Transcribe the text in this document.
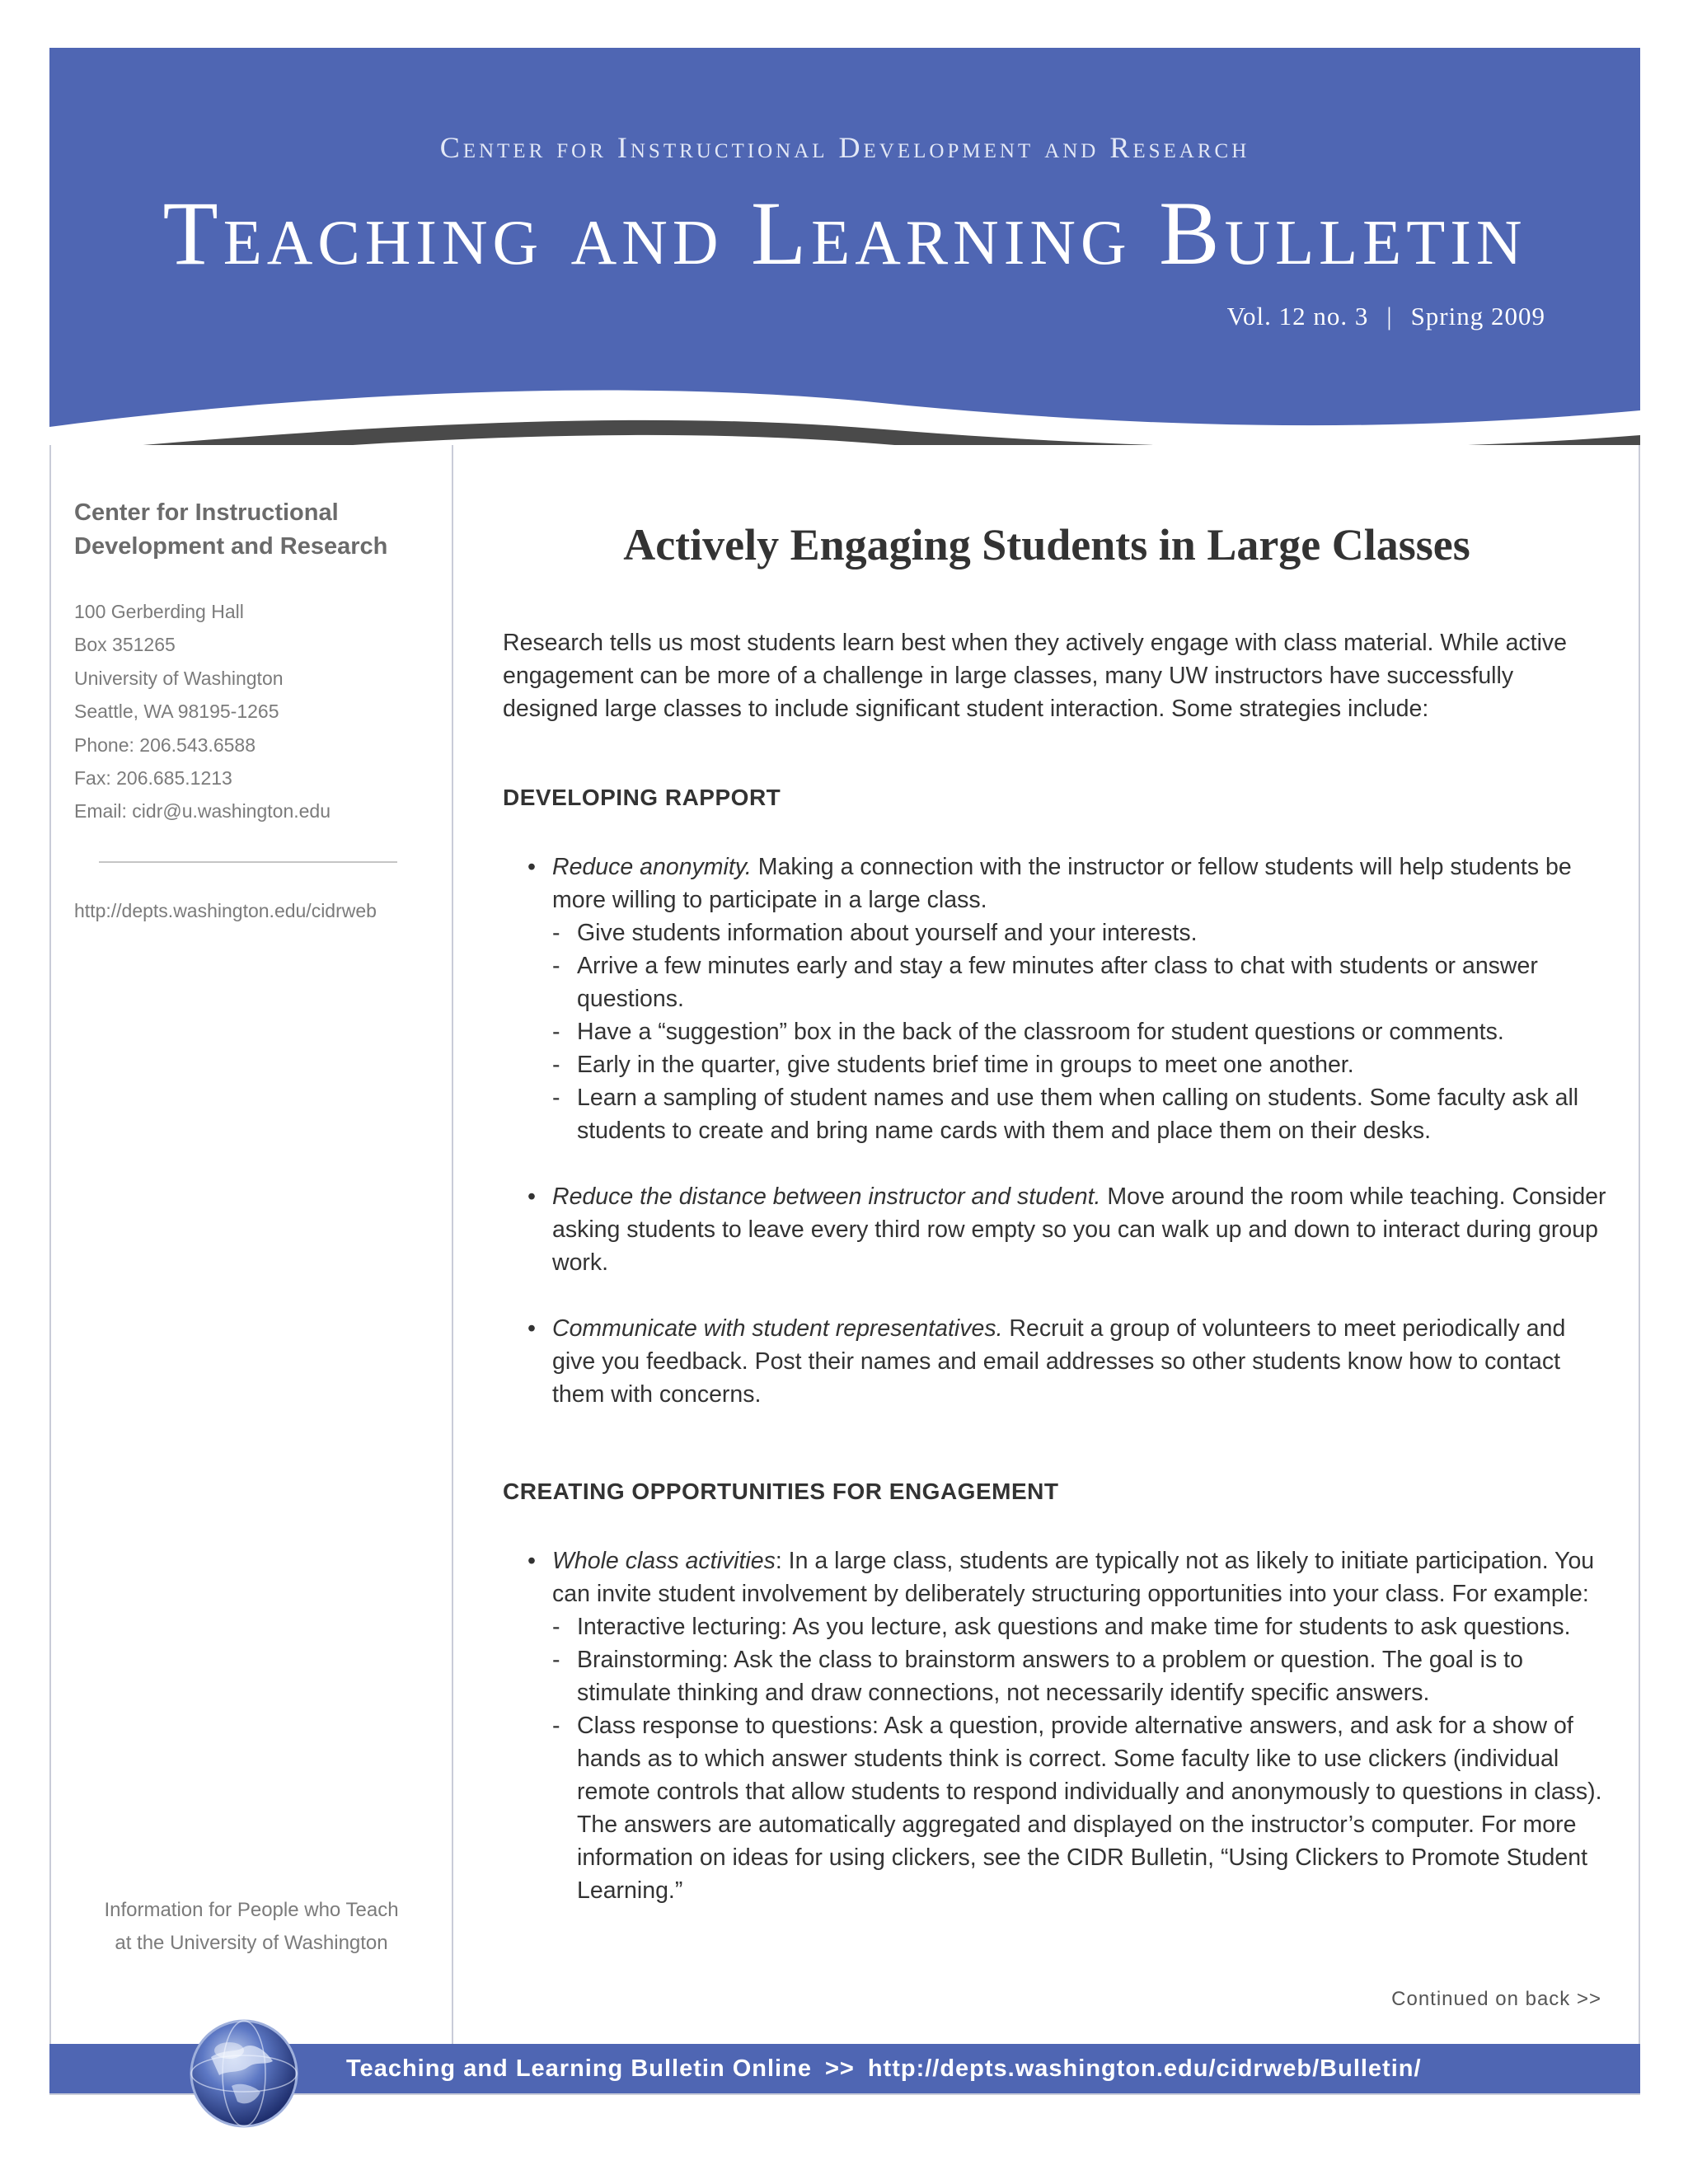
Center for Instructional Development and Research
Teaching and Learning Bulletin
Vol. 12 no. 3 | Spring 2009
Center for Instructional
Development and Research
100 Gerberding Hall
Box 351265
University of Washington
Seattle, WA 98195-1265
Phone: 206.543.6588
Fax: 206.685.1213
Email: cidr@u.washington.edu
http://depts.washington.edu/cidrweb
Information for People who Teach
at the University of Washington
Actively Engaging Students in Large Classes

Research tells us most students learn best when they actively engage with class material. While active engagement can be more of a challenge in large classes, many UW instructors have successfully designed large classes to include significant student interaction. Some strategies include:

DEVELOPING RAPPORT
• Reduce anonymity. Making a connection with the instructor or fellow students will help students be more willing to participate in a large class.
- Give students information about yourself and your interests.
- Arrive a few minutes early and stay a few minutes after class to chat with students or answer questions.
- Have a “suggestion” box in the back of the classroom for student questions or comments.
- Early in the quarter, give students brief time in groups to meet one another.
- Learn a sampling of student names and use them when calling on students. Some faculty ask all students to create and bring name cards with them and place them on their desks.
• Reduce the distance between instructor and student. Move around the room while teaching. Consider asking students to leave every third row empty so you can walk up and down to interact during group work.
• Communicate with student representatives. Recruit a group of volunteers to meet periodically and give you feedback. Post their names and email addresses so other students know how to contact them with concerns.
CREATING OPPORTUNITIES FOR ENGAGEMENT
• Whole class activities: In a large class, students are typically not as likely to initiate participation. You can invite student involvement by deliberately structuring opportunities into your class. For example:
- Interactive lecturing: As you lecture, ask questions and make time for students to ask questions.
- Brainstorming: Ask the class to brainstorm answers to a problem or question. The goal is to stimulate thinking and draw connections, not necessarily identify specific answers.
- Class response to questions: Ask a question, provide alternative answers, and ask for a show of hands as to which answer students think is correct. Some faculty like to use clickers (individual remote controls that allow students to respond individually and anonymously to questions in class). The answers are automatically aggregated and displayed on the instructor’s computer. For more information on ideas for using clickers, see the CIDR Bulletin, “Using Clickers to Promote Student Learning.”
Continued on back >>
Teaching and Learning Bulletin Online >> http://depts.washington.edu/cidrweb/Bulletin/
